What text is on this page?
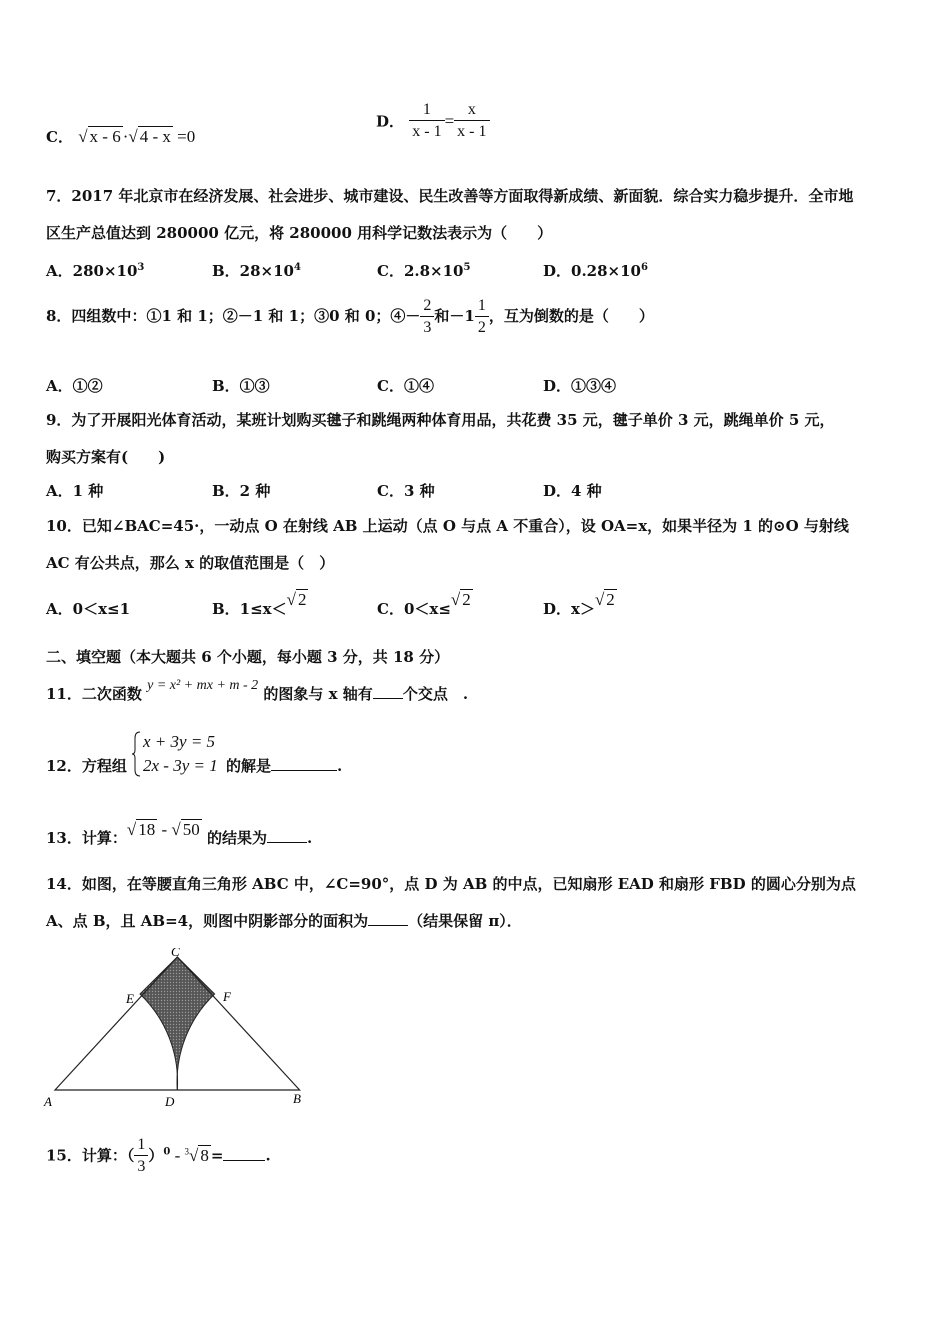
C． √ x - 6 ·√ 4 - x =0
D． $\frac{1}{x - 1} = \frac{x}{x - 1}$
7．2017 年北京市在经济发展、社会进步、城市建设、民生改善等方面取得新成绩、新面貌．综合实力稳步提升．全市地
区生产总值达到 280000 亿元，将 280000 用科学记数法表示为（　　）
A．$280\times 10^3$	B．$28\times 10^4$	C．$2.8\times 10^5$	D．$0.28\times 10^6$
8．四组数中：①1 和 1；②－1 和 1；③0 和 0；④－ $\frac{2}{3}$ 和$-1 \frac{1}{2}$ ，互为倒数的是（　　）
A．①②	B．①③	C．①④	D．①③④
9．为了开展阳光体育活动，某班计划购买毽子和跳绳两种体育用品，共花费 35 元，毽子单价 3 元，跳绳单价 5 元，
购买方案有(　　)
A．1 种	B．2 种	C．3 种	D．4 种
10．已知∠BAC=45·，一动点 O 在射线 AB 上运动（点 O 与点 A 不重合），设 OA=x，如果半径为 1 的⊙O 与射线
AC 有公共点，那么 x 的取值范围是（　）
A．0＜x≤1	B．1≤x＜√ 2	C．0＜x≤√ 2	D．x＞√ 2
二、填空题（本大题共 6 个小题，每小题 3 分，共 18 分）
11．二次函数 y = x² + mx + m - 2 的图象与 x 轴有 个交点　.
12．方程组
x + 3y = 5
2x - 3y = 1 的解是	.
13．计算：√ 18 - √ 50 的结果为	.
14．如图，在等腰直角三角形 ABC 中，∠C=90°，点 D 为 AB 的中点，已知扇形 EAD 和扇形 FBD 的圆心分别为点
A、点 B，且 AB=4，则图中阴影部分的面积为	（结果保留 π）．
C
E	F
A	D	B
15．计算：（ $\frac{1}{3} )^0 - ^3√$ 8 =	.
